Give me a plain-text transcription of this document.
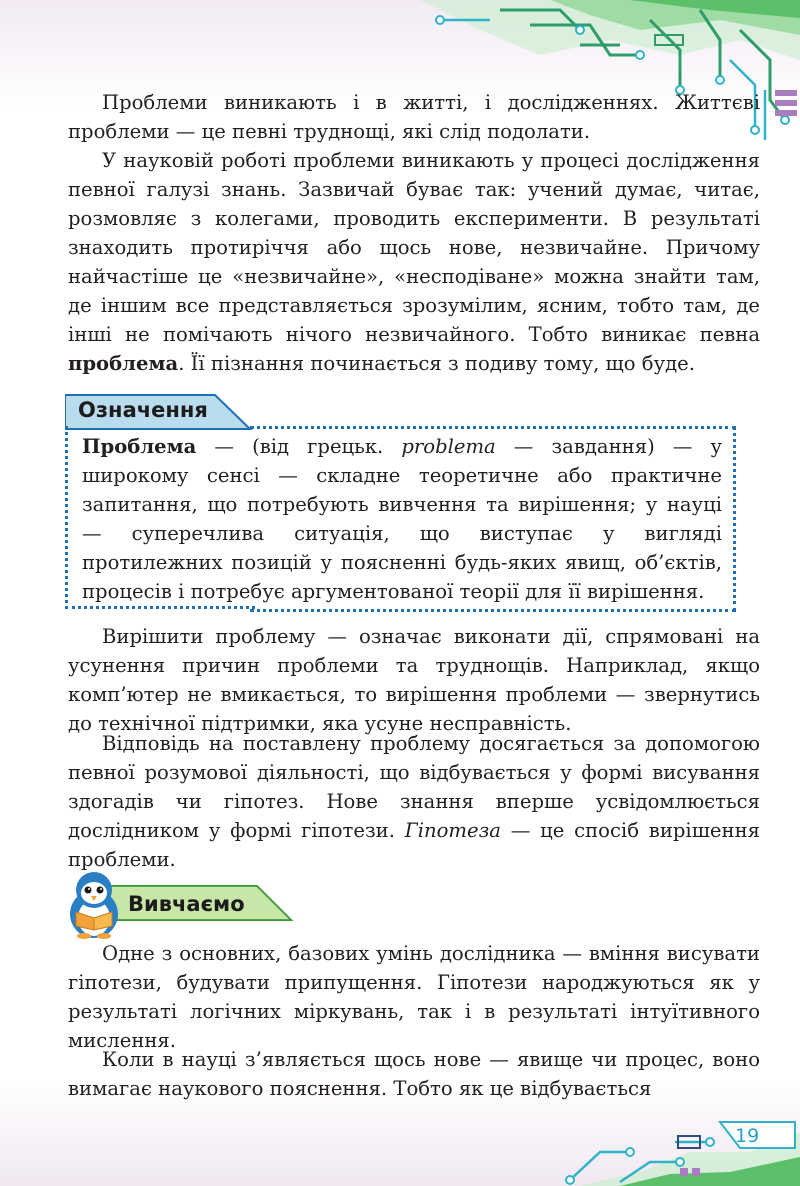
Проблеми виникають і в житті, і дослідженнях. Життєві проблеми — це певні труднощі, які слід подолати.

У науковій роботі проблеми виникають у процесі дослідження певної галузі знань. Зазвичай буває так: учений думає, читає, розмовляє з колегами, проводить експерименти. В результаті знаходить протиріччя або щось нове, незвичайне. Причому найчастіше це «незвичайне», «несподіване» можна знайти там, де іншим все представляється зрозумілим, ясним, тобто там, де інші не помічають нічого незвичайного. Тобто виникає певна проблема. Її пізнання починається з подиву тому, що буде.

Означення

Проблема — (від грецьк. problema — завдання) — у широкому сенсі — складне теоретичне або практичне запитання, що потребують вивчення та вирішення; у науці — суперечлива ситуація, що виступає у вигляді протилежних позицій у поясненні будь-яких явищ, об’єктів, процесів і потребує аргументованої теорії для її вирішення.

Вирішити проблему — означає виконати дії, спрямовані на усунення причин проблеми та труднощів. Наприклад, якщо комп’ютер не вмикається, то вирішення проблеми — звернутись до технічної підтримки, яка усуне несправність.

Відповідь на поставлену проблему досягається за допомогою певної розумової діяльності, що відбувається у формі висування здогадів чи гіпотез. Нове знання вперше усвідомлюється дослідником у формі гіпотези. Гіпотеза — це спосіб вирішення проблеми.

Вивчаємо

Одне з основних, базових умінь дослідника — вміння висувати гіпотези, будувати припущення. Гіпотези народжуються як у результаті логічних міркувань, так і в результаті інтуїтивного мислення.

Коли в науці з’являється щось нове — явище чи процес, воно вимагає наукового пояснення. Тобто як це відбувається

19
